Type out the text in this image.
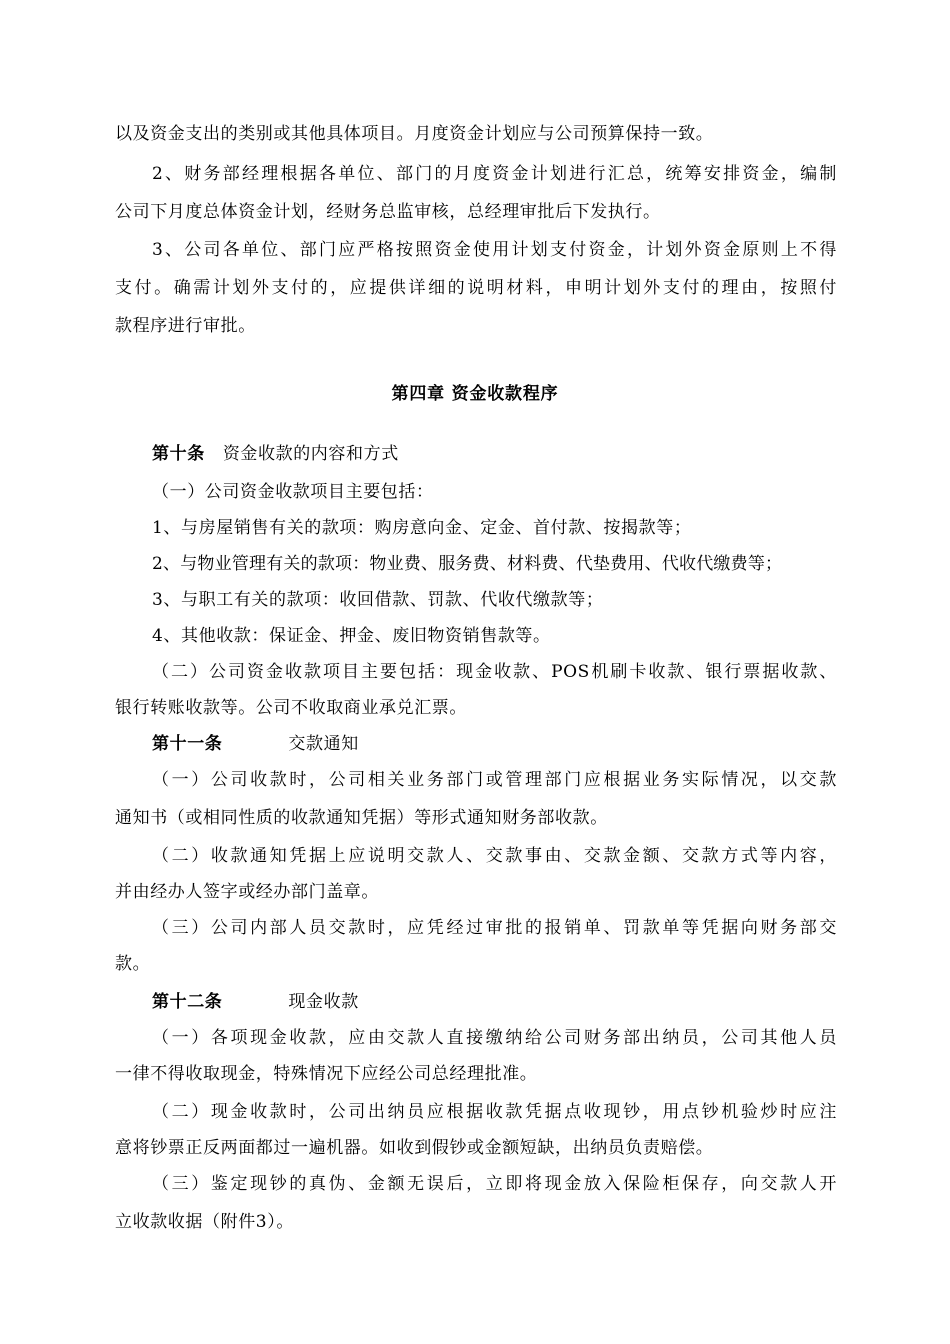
以及资金支出的类别或其他具体项目。月度资金计划应与公司预算保持一致。
2、财务部经理根据各单位、部门的月度资金计划进行汇总，统筹安排资金，编制
公司下月度总体资金计划，经财务总监审核，总经理审批后下发执行。
3、公司各单位、部门应严格按照资金使用计划支付资金，计划外资金原则上不得
支付。确需计划外支付的，应提供详细的说明材料，申明计划外支付的理由，按照付
款程序进行审批。
第四章 资金收款程序
第十条 资金收款的内容和方式
（一）公司资金收款项目主要包括：
1、与房屋销售有关的款项：购房意向金、定金、首付款、按揭款等；
2、与物业管理有关的款项：物业费、服务费、材料费、代垫费用、代收代缴费等；
3、与职工有关的款项：收回借款、罚款、代收代缴款等；
4、其他收款：保证金、押金、废旧物资销售款等。
（二）公司资金收款项目主要包括：现金收款、POS机刷卡收款、银行票据收款、
银行转账收款等。公司不收取商业承兑汇票。
第十一条	交款通知
（一）公司收款时，公司相关业务部门或管理部门应根据业务实际情况，以交款
通知书（或相同性质的收款通知凭据）等形式通知财务部收款。
（二）收款通知凭据上应说明交款人、交款事由、交款金额、交款方式等内容，
并由经办人签字或经办部门盖章。
（三）公司内部人员交款时，应凭经过审批的报销单、罚款单等凭据向财务部交
款。
第十二条	现金收款
（一）各项现金收款，应由交款人直接缴纳给公司财务部出纳员，公司其他人员
一律不得收取现金，特殊情况下应经公司总经理批准。
（二）现金收款时，公司出纳员应根据收款凭据点收现钞，用点钞机验炒时应注
意将钞票正反两面都过一遍机器。如收到假钞或金额短缺，出纳员负责赔偿。
（三）鉴定现钞的真伪、金额无误后，立即将现金放入保险柜保存，向交款人开
立收款收据（附件3）。
